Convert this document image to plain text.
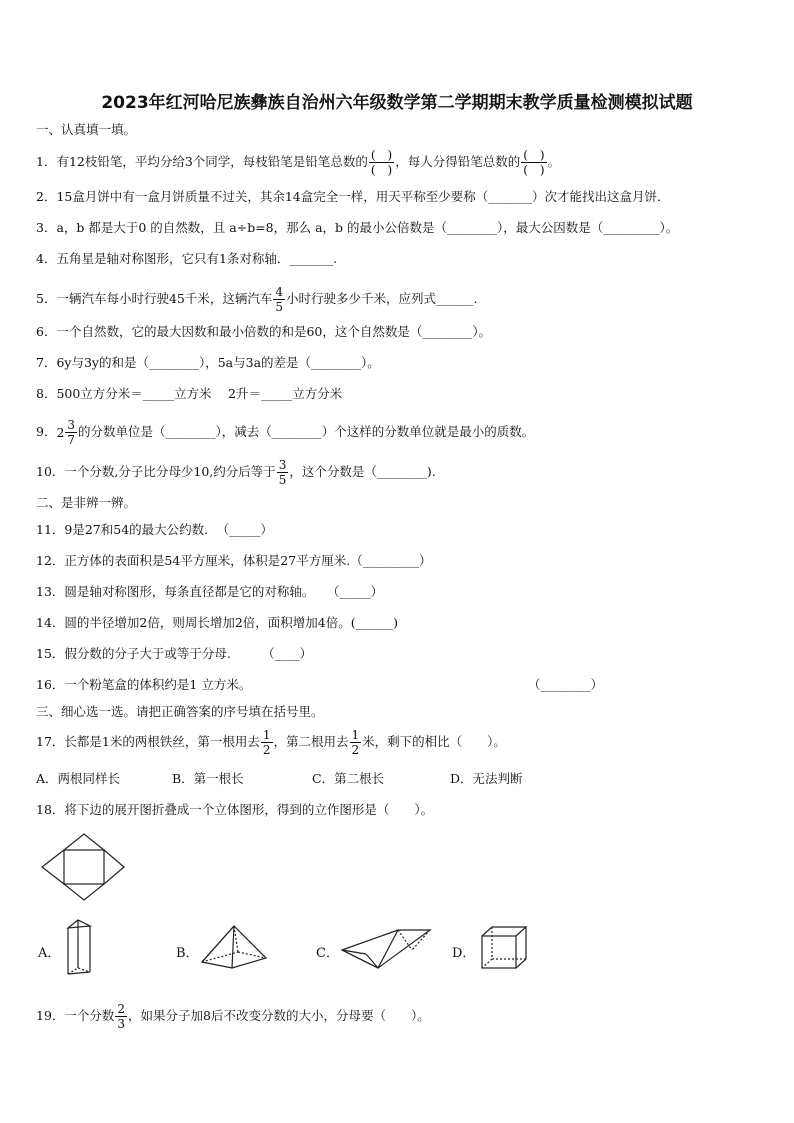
2023年红河哈尼族彝族自治州六年级数学第二学期期末教学质量检测模拟试题
一、认真填一填。
1．有12枝铅笔，平均分给3个同学，每枝铅笔是铅笔总数的 $\frac{( )}{( )}$ ，每人分得铅笔总数的 $\frac{( )}{( )}$ 。
2．15盒月饼中有一盒月饼质量不过关，其余14盒完全一样，用天平称至少要称（_______）次才能找出这盒月饼．
3．a，b 都是大于0 的自然数，且 a÷b=8，那么 a，b 的最小公倍数是（________），最大公因数是（_________）。
4．五角星是轴对称图形，它只有1条对称轴．_______.
5．一辆汽车每小时行驶45千米，这辆汽车 $\frac{4}{5}$ 小时行驶多少千米，应列式______.
6．一个自然数，它的最大因数和最小倍数的和是60，这个自然数是（________）。
7．6y与3y的和是（________），5a与3a的差是（________）。
8．500立方分米＝_____立方米　 2升＝_____立方分米
9． $2 \frac{3}{7}$ 的分数单位是（________），减去（________）个这样的分数单位就是最小的质数。
10．一个分数,分子比分母少10,约分后等于 $\frac{3}{5}$ ，这个分数是（________).
二、是非辨一辨。
11．9是27和54的最大公约数．　（_____）
12．正方体的表面积是54平方厘米，体积是27平方厘米.（_________）
13．圆是轴对称图形，每条直径都是它的对称轴。　　（_____）
14．圆的半径增加2倍，则周长增加2倍，面积增加4倍。(______)
15．假分数的分子大于或等于分母.　　　（____）
16．一个粉笔盒的体积约是1 立方米。	（________）
三、细心选一选。请把正确答案的序号填在括号里。
17．长都是1米的两根铁丝，第一根用去 $\frac{1}{2}$ ，第二根用去 $\frac{1}{2}$ 米，剩下的相比（　　）。
A．两根同样长	B．第一根长	C．第二根长	D．无法判断
18．将下边的展开图折叠成一个立体图形，得到的立作图形是（　　）。
A．	B．	C．	D．
19．一个分数 $\frac{2}{3}$ ，如果分子加8后不改变分数的大小，分母要（　　）。
